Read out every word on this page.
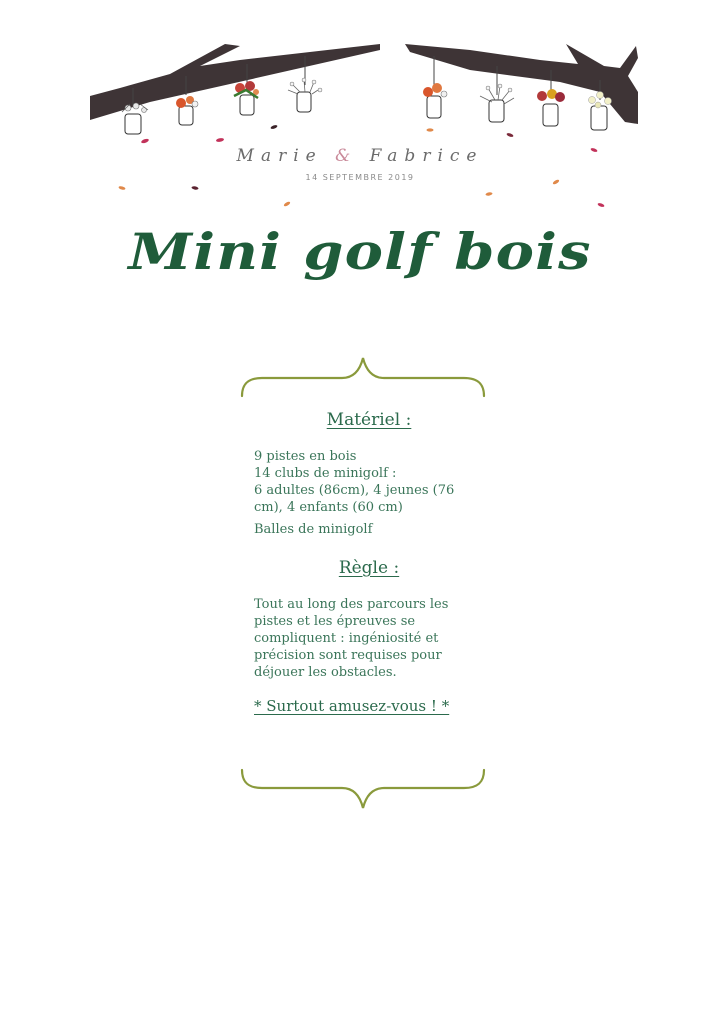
Marie & Fabrice
14 SEPTEMBRE 2019
Mini golf bois
Matériel :

9 pistes en bois
14 clubs de minigolf :
6 adultes (86cm), 4 jeunes (76
cm), 4 enfants (60 cm)
Balles de minigolf

Règle :

Tout au long des parcours les
pistes et les épreuves se
compliquent : ingéniosité et
précision sont requises pour
déjouer les obstacles.

* Surtout amusez-vous ! *
